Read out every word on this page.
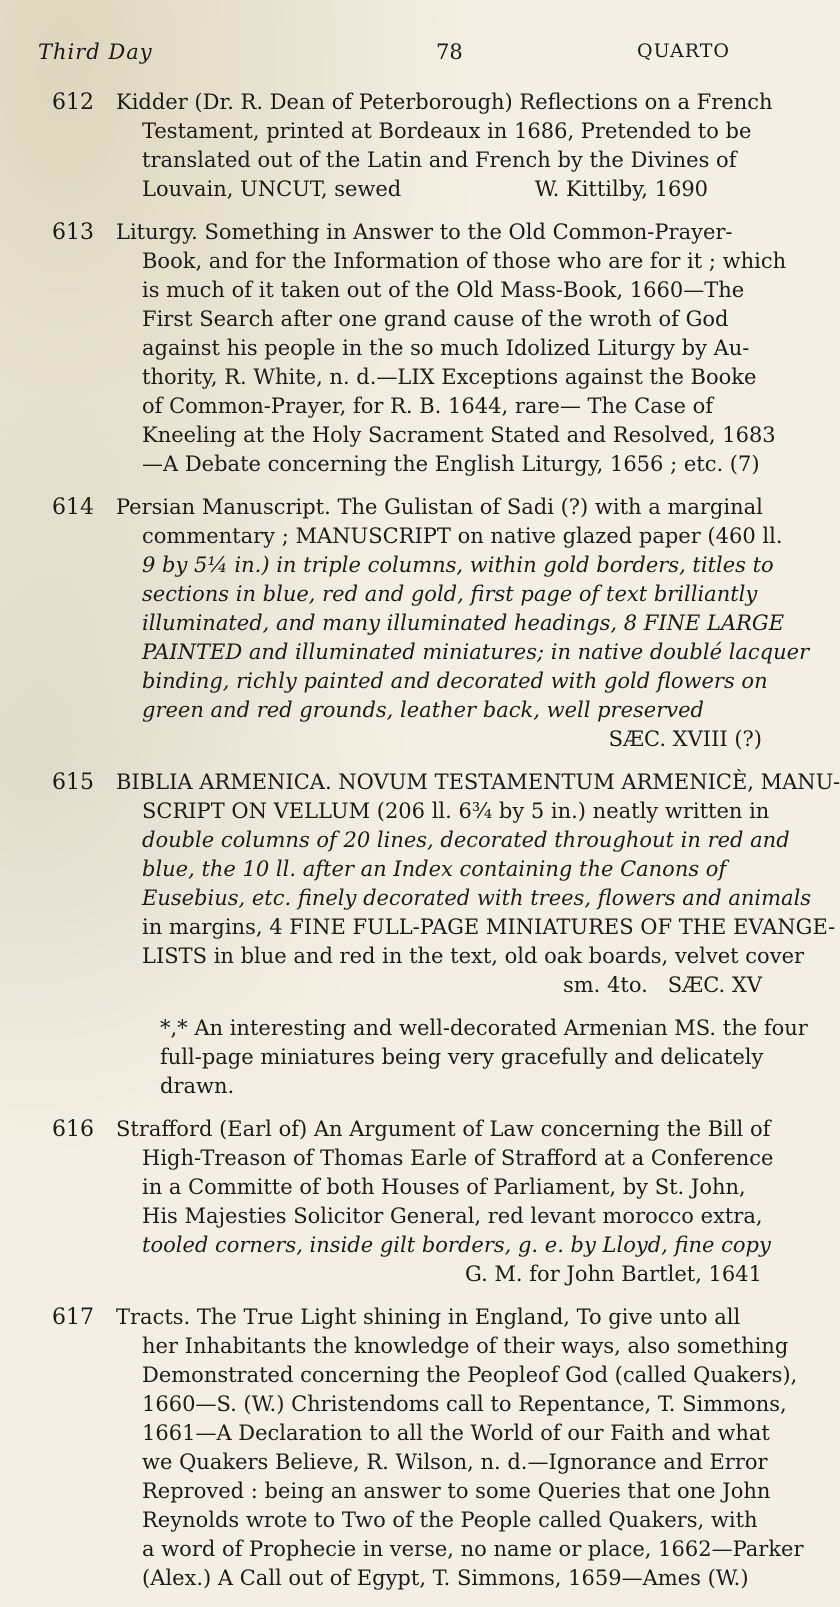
Third Day	78	QUARTO
612 Kidder (Dr. R. Dean of Peterborough) Reflections on a French
Testament, printed at Bordeaux in 1686, Pretended to be
translated out of the Latin and French by the Divines of
Louvain, UNCUT, sewed                    W. Kittilby, 1690
613 Liturgy. Something in Answer to the Old Common-Prayer-
Book, and for the Information of those who are for it ; which
is much of it taken out of the Old Mass-Book, 1660—The
First Search after one grand cause of the wroth of God
against his people in the so much Idolized Liturgy by Au-
thority, R. White, n. d.—LIX Exceptions against the Booke
of Common-Prayer, for R. B. 1644, rare— The Case of
Kneeling at the Holy Sacrament Stated and Resolved, 1683
—A Debate concerning the English Liturgy, 1656 ; etc. (7)
614 Persian Manuscript. The Gulistan of Sadi (?) with a marginal
commentary ; MANUSCRIPT on native glazed paper (460 ll.
9 by 5¼ in.) in triple columns, within gold borders, titles to
sections in blue, red and gold, first page of text brilliantly
illuminated, and many illuminated headings, 8 FINE LARGE
PAINTED and illuminated miniatures; in native doublé lacquer
binding, richly painted and decorated with gold flowers on
green and red grounds, leather back, well preserved
SÆC. XVIII (?)
615 BIBLIA ARMENICA. NOVUM TESTAMENTUM ARMENICÈ, MANU-
SCRIPT ON VELLUM (206 ll. 6¾ by 5 in.) neatly written in
double columns of 20 lines, decorated throughout in red and
blue, the 10 ll. after an Index containing the Canons of
Eusebius, etc. finely decorated with trees, flowers and animals
in margins, 4 FINE FULL-PAGE MINIATURES OF THE EVANGE-
LISTS in blue and red in the text, old oak boards, velvet cover
sm. 4to.   SÆC. XV
*,* An interesting and well-decorated Armenian MS. the four
full-page miniatures being very gracefully and delicately
drawn.
616 Strafford (Earl of) An Argument of Law concerning the Bill of
High-Treason of Thomas Earle of Strafford at a Conference
in a Committe of both Houses of Parliament, by St. John,
His Majesties Solicitor General, red levant morocco extra,
tooled corners, inside gilt borders, g. e. by Lloyd, fine copy
G. M. for John Bartlet, 1641
617 Tracts. The True Light shining in England, To give unto all
her Inhabitants the knowledge of their ways, also something
Demonstrated concerning the Peopleof God (called Quakers),
1660—S. (W.) Christendoms call to Repentance, T. Simmons,
1661—A Declaration to all the World of our Faith and what
we Quakers Believe, R. Wilson, n. d.—Ignorance and Error
Reproved : being an answer to some Queries that one John
Reynolds wrote to Two of the People called Quakers, with
a word of Prophecie in verse, no name or place, 1662—Parker
(Alex.) A Call out of Egypt, T. Simmons, 1659—Ames (W.)
